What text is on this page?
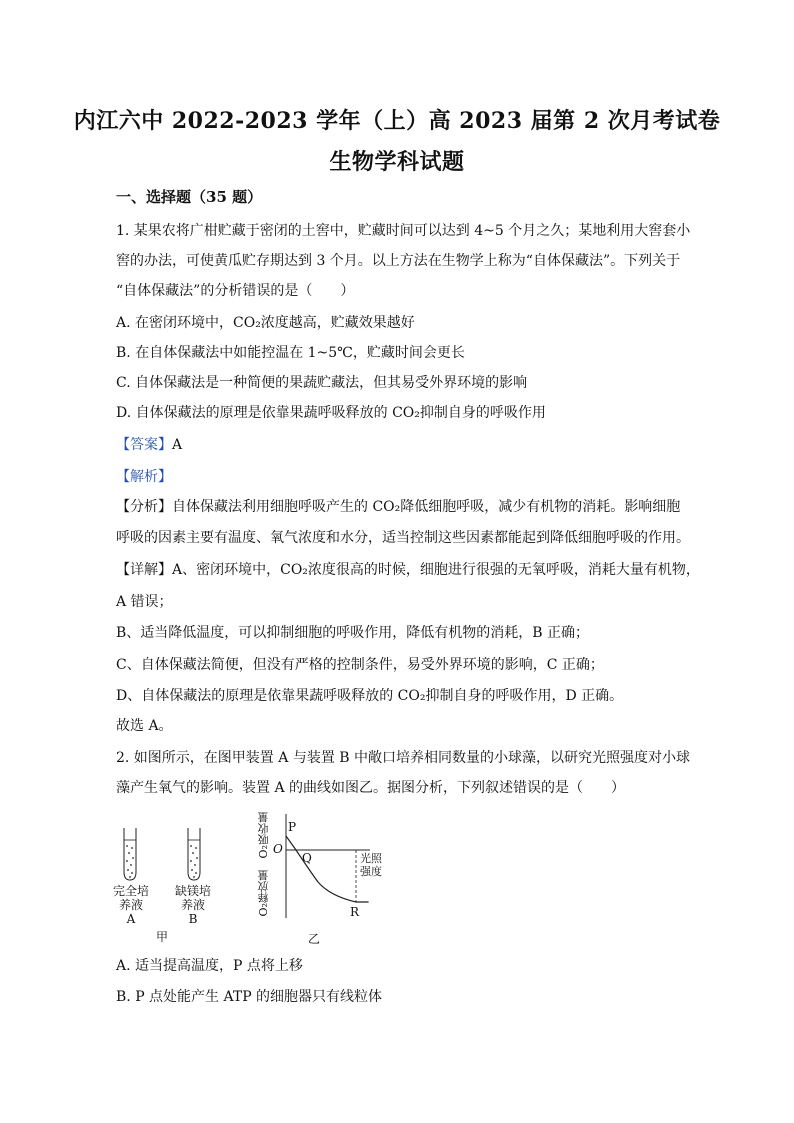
内江六中 2022-2023 学年（上）高 2023 届第 2 次月考试卷
生物学科试题
一、选择题（35 题）
1. 某果农将广柑贮藏于密闭的土窖中，贮藏时间可以达到 4~5 个月之久；某地利用大窖套小
窖的办法，可使黄瓜贮存期达到 3 个月。以上方法在生物学上称为“自体保藏法”。下列关于
“自体保藏法”的分析错误的是（　　）
A. 在密闭环境中，CO₂浓度越高，贮藏效果越好
B. 在自体保藏法中如能控温在 1~5℃，贮藏时间会更长
C. 自体保藏法是一种简便的果蔬贮藏法，但其易受外界环境的影响
D. 自体保藏法的原理是依靠果蔬呼吸释放的 CO₂抑制自身的呼吸作用
【答案】A
【解析】
【分析】自体保藏法利用细胞呼吸产生的 CO₂降低细胞呼吸，减少有机物的消耗。影响细胞
呼吸的因素主要有温度、氧气浓度和水分，适当控制这些因素都能起到降低细胞呼吸的作用。
【详解】A、密闭环境中，CO₂浓度很高的时候，细胞进行很强的无氧呼吸，消耗大量有机物，
A 错误；
B、适当降低温度，可以抑制细胞的呼吸作用，降低有机物的消耗，B 正确；
C、自体保藏法简便，但没有严格的控制条件，易受外界环境的影响，C 正确；
D、自体保藏法的原理是依靠果蔬呼吸释放的 CO₂抑制自身的呼吸作用，D 正确。
故选 A。
2. 如图所示，在图甲装置 A 与装置 B 中敞口培养相同数量的小球藻，以研究光照强度对小球
藻产生氧气的影响。装置 A 的曲线如图乙。据图分析，下列叙述错误的是（　　）
完全培
养液
A
缺镁培
养液
B
甲
O₂吸收量
O₂释放量
P
O
Q
R
光照
强度
乙
A. 适当提高温度，P 点将上移
B. P 点处能产生 ATP 的细胞器只有线粒体
